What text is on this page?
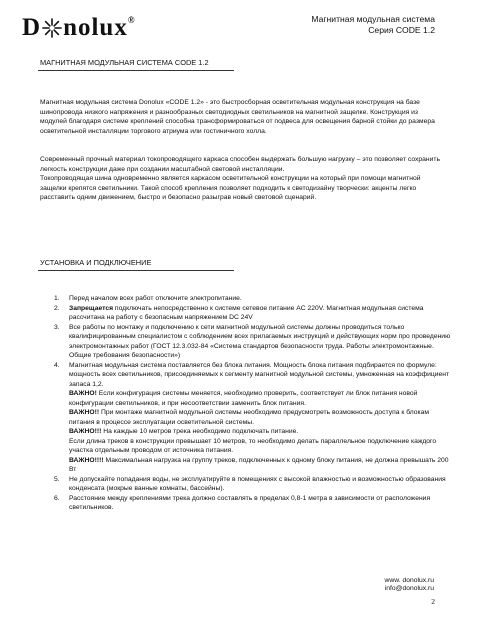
D nolux®	Магнитная модульная система
Серия CODE 1.2
МАГНИТНАЯ МОДУЛЬНАЯ СИСТЕМА CODE 1.2

Магнитная модульная система Donolux «CODE 1.2» - это быстросборная осветительная модульная конструкция на базе шинопровода низкого напряжения и разнообразных светодиодных светильников на магнитной защелке. Конструкция из модулей благодаря системе креплений способна трансформироваться от подвеса для освещения барной стойки до размера осветительной инсталляции торгового атриума или гостиничного холла.

Современный прочный материал токопроводящего каркаса способен выдержать большую нагрузку – это позволяет сохранить легкость конструкции даже при создании масштабной световой инсталляции.

Токопроводящая шина одновременно является каркасом осветительной конструкции на который при помощи магнитной защелки крепятся светильники. Такой способ крепления позволяет подходить к светодизайну творчески: акценты легко расставить одним движением, быстро и безопасно разыграв новый световой сценарий.

УСТАНОВКА И ПОДКЛЮЧЕНИЕ
1. Перед началом всех работ отключите электропитание.

2. Запрещается подключать непосредственно к системе сетевое питание AC 220V. Магнитная модульная система рассчитана на работу с безопасным напряжением DC 24V

3. Все работы по монтажу и подключению к сети магнитной модульной системы должны проводиться только квалифицированным специалистом с соблюдением всех прилагаемых инструкций и действующих норм про проведению электромонтажных работ (ГОСТ 12.3.032-84 «Система стандартов безопасности труда. Работы электромонтажные. Общие требования безопасности»)

4. Магнитная модульная система поставляется без блока питания. Мощность блока питания подбирается по формуле: мощность всех светильников, присоединяемых к сегменту магнитной модульной системы, умноженная на коэффициент запаса 1,2.

ВАЖНО! Если конфигурация системы меняется, необходимо проверить, соответствует ли блок питания новой конфигурации светильников, и при несоответствии заменить блок питания.

ВАЖНО!! При монтаже магнитной модульной системы необходимо предусмотреть возможность доступа к блокам питания в процессе эксплуатации осветительной системы.

ВАЖНО!!! На каждые 10 метров трека необходимо подключать питание.

Если длина треков в конструкции превышает 10 метров, то необходимо делать параллельное подключение каждого участка отдельным проводом от источника питания.

ВАЖНО!!!! Максимальная нагрузка на группу треков, подключенных к одному блоку питания, не должна превышать 200 Вт

5. Не допускайте попадания воды, не эксплуатируйте в помещениях с высокой влажностью и возможностью образования конденсата (мокрые ванные комнаты, бассейны).

6. Расстояние между креплениями трека должно составлять в пределах 0,8-1 метра в зависимости от расположения светильников.

www. donolux.ru
info@donolux.ru
2
